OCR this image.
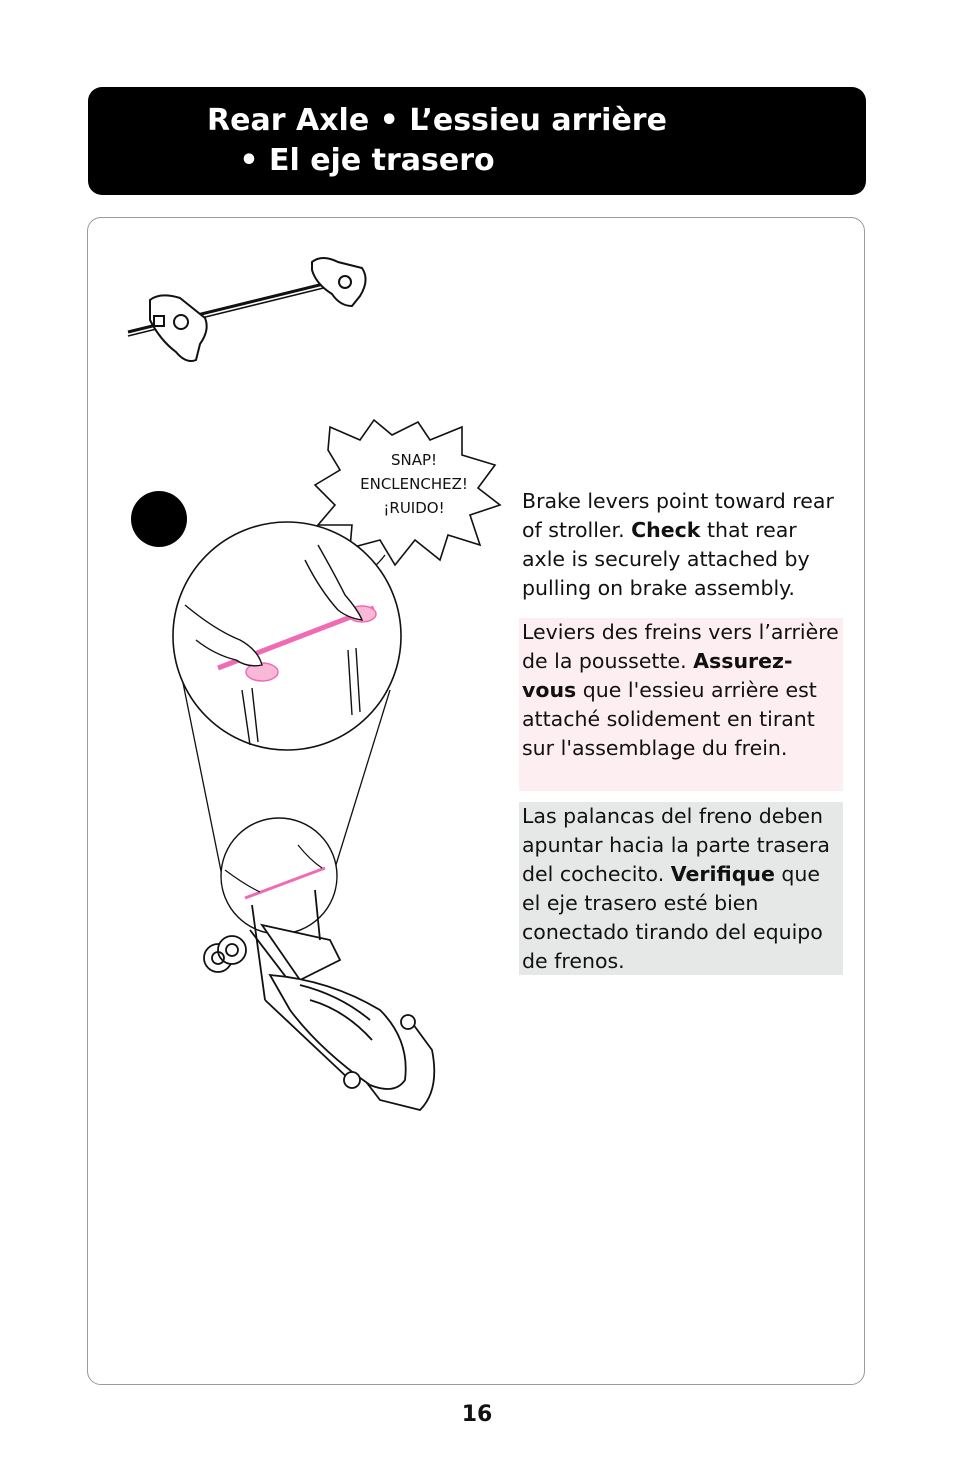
Rear Axle • L’essieu arrière
• El eje trasero
SNAP!
ENCLENCHEZ!
¡RUIDO!	Brake levers point toward rear of stroller. Check that rear axle is securely attached by pulling on brake assembly.
Leviers des freins vers l’arrière de la poussette. Assurez-vous que l'essieu arrière est attaché solidement en tirant sur l'assemblage du frein.
Las palancas del freno deben apuntar hacia la parte trasera del cochecito. Verifique que el eje trasero esté bien conectado tirando del equipo de frenos.
16
